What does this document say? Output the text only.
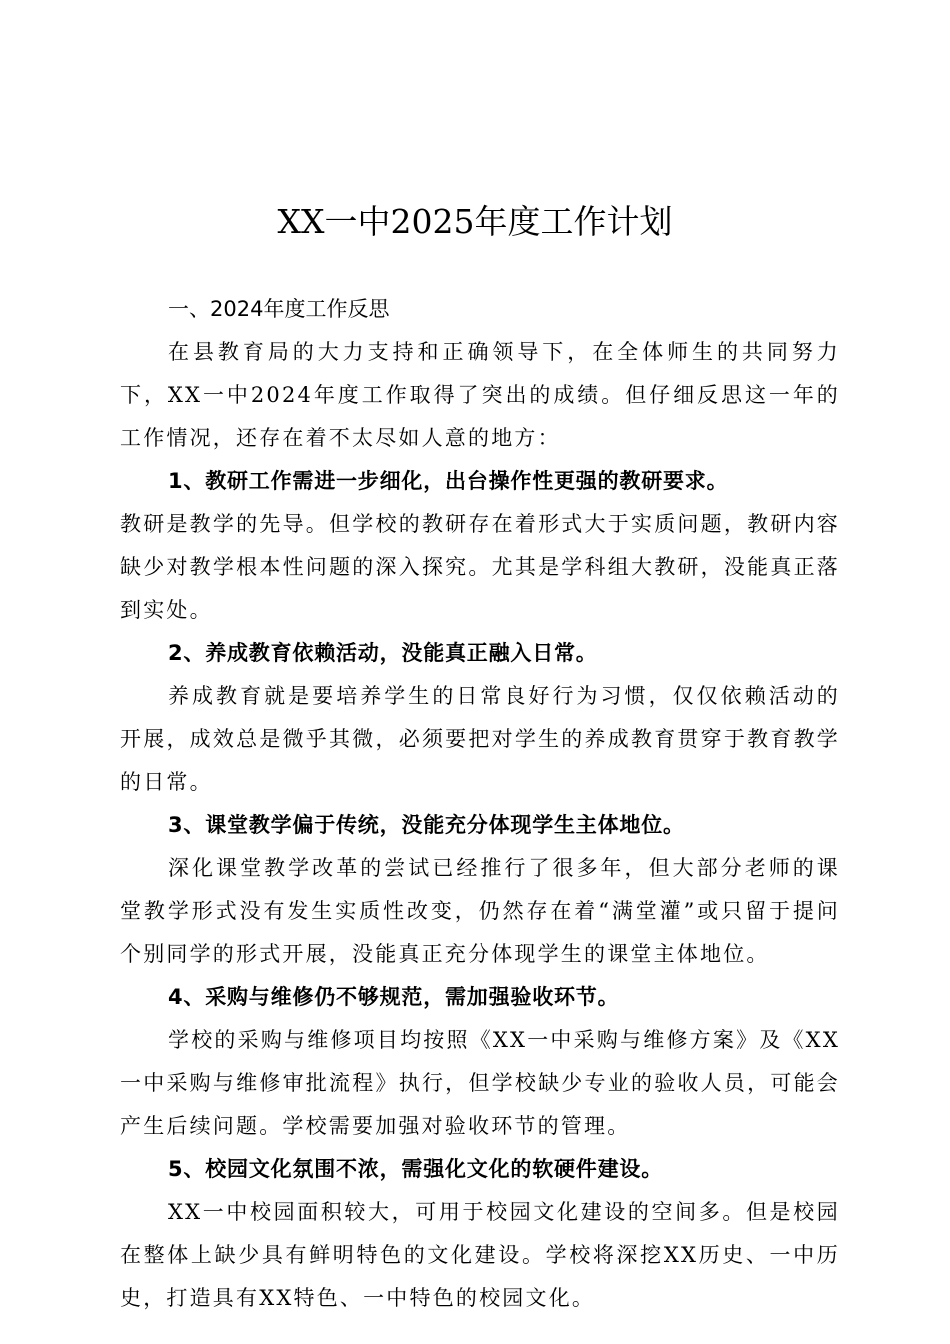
XX一中2025年度工作计划

一、2024年度工作反思

在县教育局的大力支持和正确领导下，在全体师生的共同努力下，XX一中2024年度工作取得了突出的成绩。但仔细反思这一年的工作情况，还存在着不太尽如人意的地方：

1、教研工作需进一步细化，出台操作性更强的教研要求。

教研是教学的先导。但学校的教研存在着形式大于实质问题，教研内容缺少对教学根本性问题的深入探究。尤其是学科组大教研，没能真正落到实处。

2、养成教育依赖活动，没能真正融入日常。

养成教育就是要培养学生的日常良好行为习惯，仅仅依赖活动的开展，成效总是微乎其微，必须要把对学生的养成教育贯穿于教育教学的日常。

3、课堂教学偏于传统，没能充分体现学生主体地位。

深化课堂教学改革的尝试已经推行了很多年，但大部分老师的课堂教学形式没有发生实质性改变，仍然存在着“满堂灌”或只留于提问个别同学的形式开展，没能真正充分体现学生的课堂主体地位。

4、采购与维修仍不够规范，需加强验收环节。

学校的采购与维修项目均按照《XX一中采购与维修方案》及《XX一中采购与维修审批流程》执行，但学校缺少专业的验收人员，可能会产生后续问题。学校需要加强对验收环节的管理。

5、校园文化氛围不浓，需强化文化的软硬件建设。

XX一中校园面积较大，可用于校园文化建设的空间多。但是校园在整体上缺少具有鲜明特色的文化建设。学校将深挖XX历史、一中历史，打造具有XX特色、一中特色的校园文化。
